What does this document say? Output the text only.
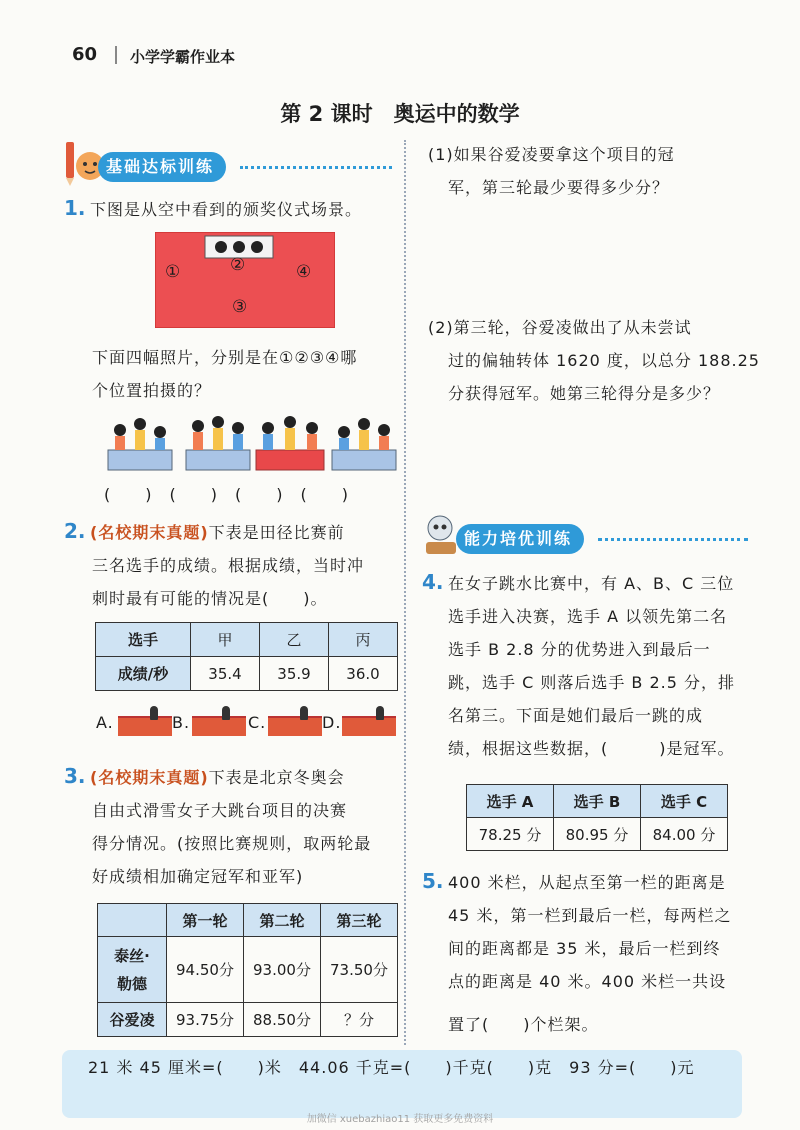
60 小学学霸作业本
第 2 课时　奥运中的数学
基础达标训练
1. 下图是从空中看到的颁奖仪式场景。
①	②
③
④
下面四幅照片，分别是在①②③④哪
个位置拍摄的？
(　　)　(　　)　(　　)　(　　)
2. (名校期末真题)下表是田径比赛前
三名选手的成绩。根据成绩，当时冲
刺时最有可能的情况是(　　)。
选手	甲	乙	丙
成绩/秒	35.4	35.9	36.0
A.	B.	C.	D.
3. (名校期末真题)下表是北京冬奥会
自由式滑雪女子大跳台项目的决赛
得分情况。(按照比赛规则，取两轮最
好成绩相加确定冠军和亚军)
	第一轮	第二轮	第三轮
泰丝·
勒德	94.50分	93.00分	73.50分
谷爱凌	93.75分	88.50分	？分
(1)如果谷爱凌要拿这个项目的冠
军，第三轮最少要得多少分？
(2)第三轮，谷爱凌做出了从未尝试
过的偏轴转体 1620 度，以总分 188.25
分获得冠军。她第三轮得分是多少？
能力培优训练
4. 在女子跳水比赛中，有 A、B、C 三位
选手进入决赛，选手 A 以领先第二名
选手 B 2.8 分的优势进入到最后一
跳，选手 C 则落后选手 B 2.5 分，排
名第三。下面是她们最后一跳的成
绩，根据这些数据，(　　　)是冠军。
选手 A	选手 B	选手 C
78.25 分	80.95 分	84.00 分
5. 400 米栏，从起点至第一栏的距离是
45 米，第一栏到最后一栏，每两栏之
间的距离都是 35 米，最后一栏到终
点的距离是 40 米。400 米栏一共设
置了(　　)个栏架。
21 米 45 厘米=(　　)米　44.06 千克=(　　)千克(　　)克　93 分=(　　)元
加微信 xuebazhiao11 获取更多免费资料
